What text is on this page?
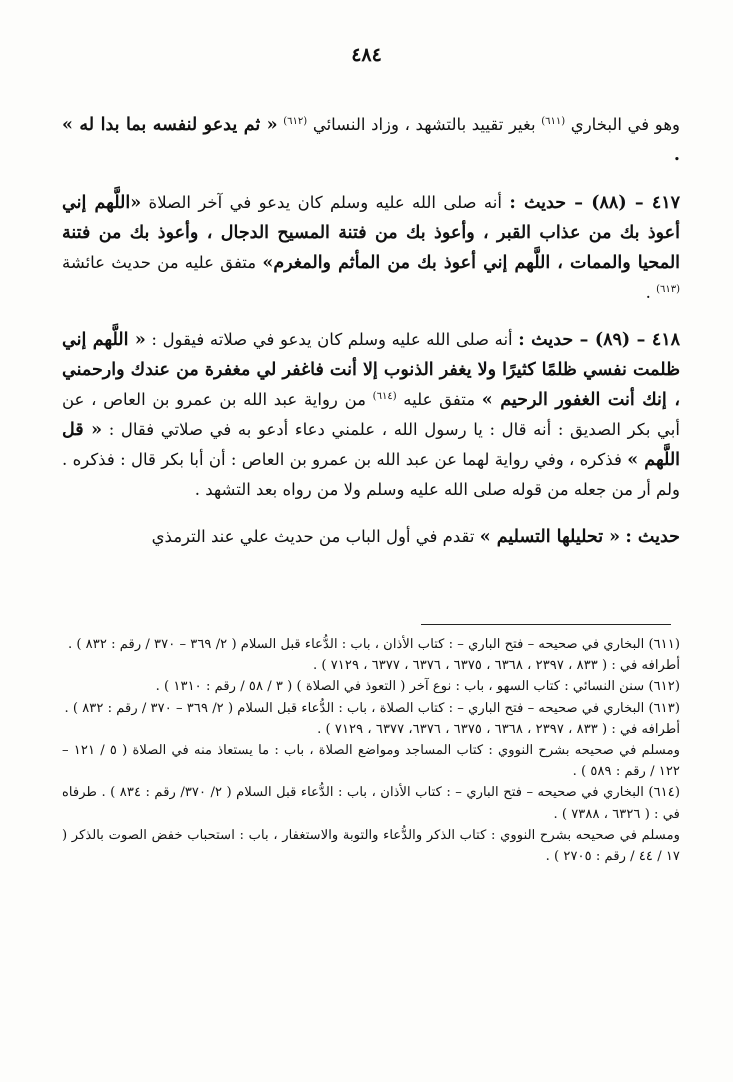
٤٨٤

وهو في البخاري $^{(٦١١)}$ بغير تقييد بالتشهد ، وزاد النسائي $^{(٦١٢)}$ « ثم يدعو لنفسه بما بدا له » .

٤١٧ – (٨٨) – حديث : أنه صلى الله عليه وسلم كان يدعو في آخر الصلاة «اللَّهم إني أعوذ بك من عذاب القبر ، وأعوذ بك من فتنة المسيح الدجال ، وأعوذ بك من فتنة المحيا والممات ، اللَّهم إني أعوذ بك من المأثم والمغرم» متفق عليه من حديث عائشة $^{(٦١٣)}$ .

٤١٨ – (٨٩) – حديث : أنه صلى الله عليه وسلم كان يدعو في صلاته فيقول : « اللَّهم إني ظلمت نفسي ظلمًا كثيرًا ولا يغفر الذنوب إلا أنت فاغفر لي مغفرة من عندك وارحمني ، إنك أنت الغفور الرحيم » متفق عليه $^{(٦١٤)}$ من رواية عبد الله بن عمرو بن العاص ، عن أبي بكر الصديق : أنه قال : يا رسول الله ، علمني دعاء أدعو به في صلاتي فقال : « قل اللَّهم » فذكره ، وفي رواية لهما عن عبد الله بن عمرو بن العاص : أن أبا بكر قال : فذكره . ولم أر من جعله من قوله صلى الله عليه وسلم ولا من رواه بعد التشهد .

حديث : « تحليلها التسليم » تقدم في أول الباب من حديث علي عند الترمذي

(٦١١) البخاري في صحيحه – فتح الباري – : كتاب الأذان ، باب : الدُّعاء قبل السلام ( ٢/ ٣٦٩ – ٣٧٠ / رقم : ٨٣٢ ) .

أطرافه في : ( ٨٣٣ ، ٢٣٩٧ ، ٦٣٦٨ ، ٦٣٧٥ ، ٦٣٧٦ ، ٦٣٧٧ ، ٧١٢٩ ) .

(٦١٢) سنن النسائي : كتاب السهو ، باب : نوع آخر ( التعوذ في الصلاة ) ( ٣ / ٥٨ / رقم : ١٣١٠ ) .

(٦١٣) البخاري في صحيحه – فتح الباري – : كتاب الصلاة ، باب : الدُّعاء قبل السلام ( ٢/ ٣٦٩ – ٣٧٠ / رقم : ٨٣٢ ) .

أطرافه في : ( ٨٣٣ ، ٢٣٩٧ ، ٦٣٦٨ ، ٦٣٧٥ ، ٦٣٧٦، ٦٣٧٧ ، ٧١٢٩ ) .

ومسلم في صحيحه بشرح النووي : كتاب المساجد ومواضع الصلاة ، باب : ما يستعاذ منه في الصلاة ( ٥ / ١٢١ – ١٢٢ / رقم : ٥٨٩ ) .

(٦١٤) البخاري في صحيحه – فتح الباري – : كتاب الأذان ، باب : الدُّعاء قبل السلام ( ٢/ ٣٧٠/ رقم : ٨٣٤ ) . طرفاه في : ( ٦٣٢٦ ، ٧٣٨٨ ) .

ومسلم في صحيحه بشرح النووي : كتاب الذكر والدُّعاء والتوبة والاستغفار ، باب : استحباب خفض الصوت بالذكر ( ١٧ / ٤٤ / رقم : ٢٧٠٥ ) .
